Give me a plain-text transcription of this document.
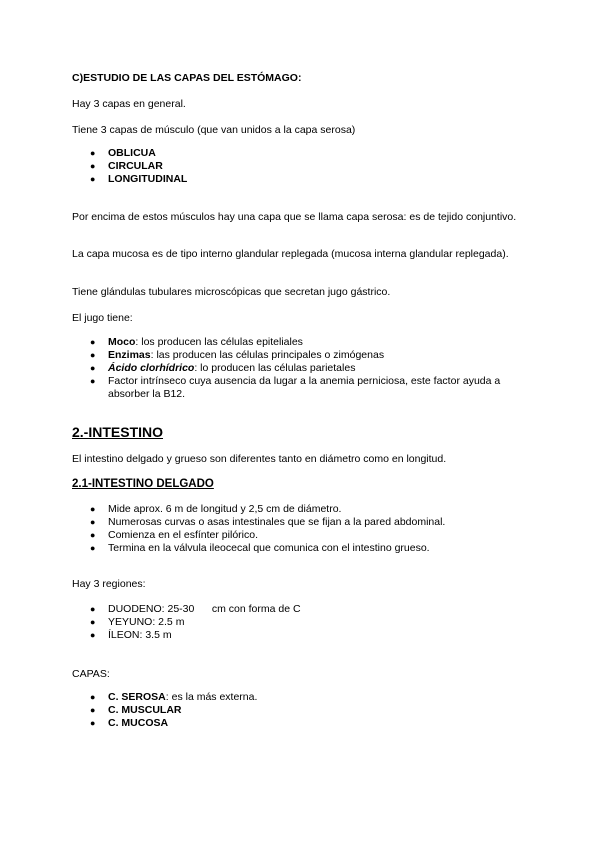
C)ESTUDIO DE LAS CAPAS DEL ESTÓMAGO:

Hay 3 capas en general.

Tiene 3 capas de músculo (que van unidos a la capa serosa)

● OBLICUA
● CIRCULAR
● LONGITUDINAL

Por encima de estos músculos hay una capa que se llama capa serosa: es de tejido conjuntivo.

La capa mucosa es de tipo interno glandular replegada (mucosa interna glandular replegada).

Tiene glándulas tubulares microscópicas que secretan jugo gástrico.

El jugo tiene:

● Moco: los producen las células epiteliales
● Enzimas: las producen las células principales o zimógenas
● Ácido clorhídrico: lo producen las células parietales
● Factor intrínseco cuya ausencia da lugar a la anemia perniciosa, este factor ayuda a absorber la B12.

2.-INTESTINO

El intestino delgado y grueso son diferentes tanto en diámetro como en longitud.

2.1-INTESTINO DELGADO

● Mide aprox. 6 m de longitud y 2,5 cm de diámetro.
● Numerosas curvas o asas intestinales que se fijan a la pared abdominal.
● Comienza en el esfínter pilórico.
● Termina en la válvula ileocecal que comunica con el intestino grueso.

Hay 3 regiones:

● DUODENO: 25-30      cm con forma de C
● YEYUNO: 2.5 m
● ÍLEON: 3.5 m

CAPAS:

● C. SEROSA: es la más externa.
● C. MUSCULAR
● C. MUCOSA
